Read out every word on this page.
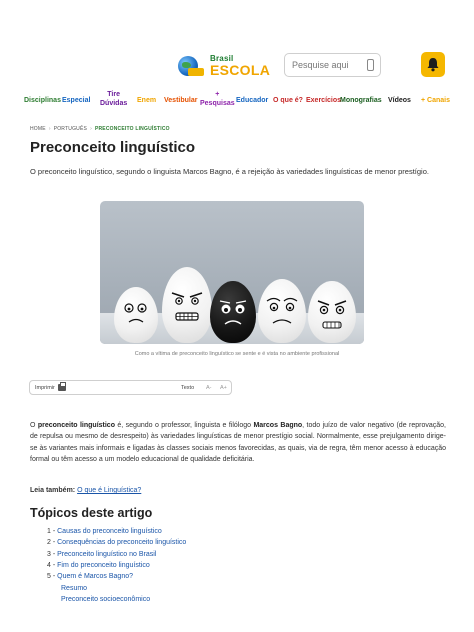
Brasil
ESCOLA Pesquise aqui
Disciplinas Especial
Tire
Dúvidas Enem Vestibular
+
Pesquisas Educador O que é? Exercícios
Monografias Vídeos + Canais
HOME › PORTUGUÊS › PRECONCEITO LINGUÍSTICO
Preconceito linguístico

O preconceito linguístico, segundo o linguista Marcos Bagno, é a rejeição às variedades linguísticas de menor prestígio.

Como a vítima de preconceito linguístico se sente e é vista no ambiente profissional
Imprimir	Texto A- A+

O preconceito linguístico é, segundo o professor, linguista e filólogo Marcos Bagno, todo juízo de valor negativo (de reprovação, de repulsa ou mesmo de desrespeito) às variedades linguísticas de menor prestígio social. Normalmente, esse prejulgamento dirige-se às variantes mais informais e ligadas às classes sociais menos favorecidas, as quais, via de regra, têm menor acesso à educação formal ou têm acesso a um modelo educacional de qualidade deficitária.

Leia também: O que é Linguística?

Tópicos deste artigo
1 - Causas do preconceito linguístico
2 - Consequências do preconceito linguístico
3 - Preconceito linguístico no Brasil
4 - Fim do preconceito linguístico
5 - Quem é Marcos Bagno?
Resumo
Preconceito socioeconômico
